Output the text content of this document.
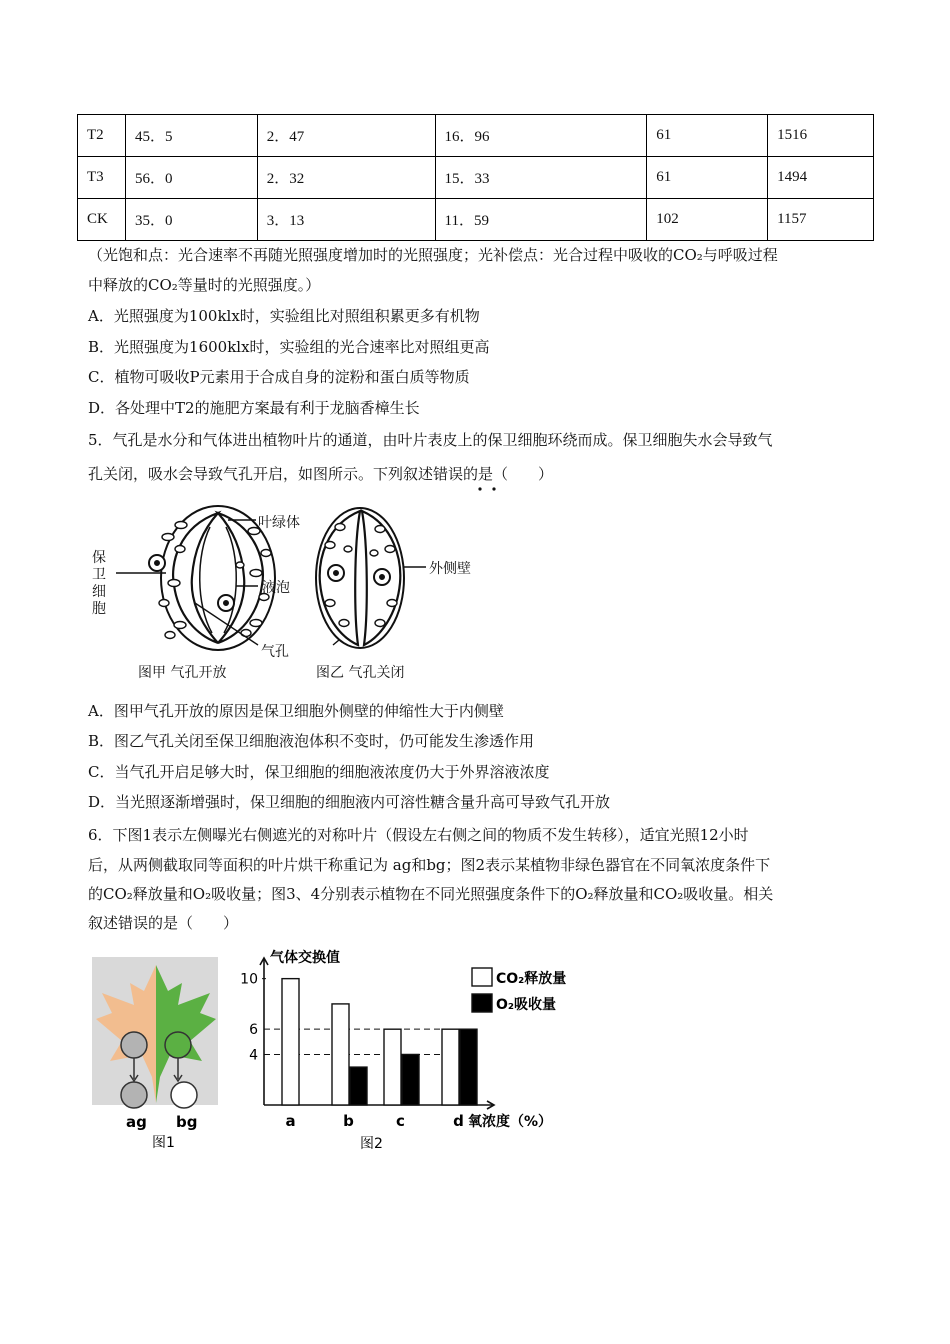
T2	45．5	2．47	16．96	61	1516
T3	56．0	2．32	15．33	61	1494
CK	35．0	3．13	11．59	102	1157
（光饱和点：光合速率不再随光照强度增加时的光照强度；光补偿点：光合过程中吸收的CO₂与呼吸过程
中释放的CO₂等量时的光照强度。）
A．光照强度为100klx时，实验组比对照组积累更多有机物
B．光照强度为1600klx时，实验组的光合速率比对照组更高
C．植物可吸收P元素用于合成自身的淀粉和蛋白质等物质
D．各处理中T2的施肥方案最有利于龙脑香樟生长
5．气孔是水分和气体进出植物叶片的通道，由叶片表皮上的保卫细胞环绕而成。保卫细胞失水会导致气
孔关闭，吸水会导致气孔开启，如图所示。下列叙述错误的是（　　）
保
卫
细
胞
叶绿体
液泡
气孔
外侧壁
图甲 气孔开放	图乙 气孔关闭
A．图甲气孔开放的原因是保卫细胞外侧壁的伸缩性大于内侧壁
B．图乙气孔关闭至保卫细胞液泡体积不变时，仍可能发生渗透作用
C．当气孔开启足够大时，保卫细胞的细胞液浓度仍大于外界溶液浓度
D．当光照逐渐增强时，保卫细胞的细胞液内可溶性糖含量升高可导致气孔开放
6．下图1表示左侧曝光右侧遮光的对称叶片（假设左右侧之间的物质不发生转移），适宜光照12小时
后，从两侧截取同等面积的叶片烘干称重记为 ag和bg；图2表示某植物非绿色器官在不同氧浓度条件下
的CO₂释放量和O₂吸收量；图3、4分别表示植物在不同光照强度条件下的O₂释放量和CO₂吸收量。相关
叙述错误的是（　　）
ag bg
图1
气体交换值
氧浓度（%）
4
6
10
a	b	c	d
CO₂释放量
O₂吸收量
图2
